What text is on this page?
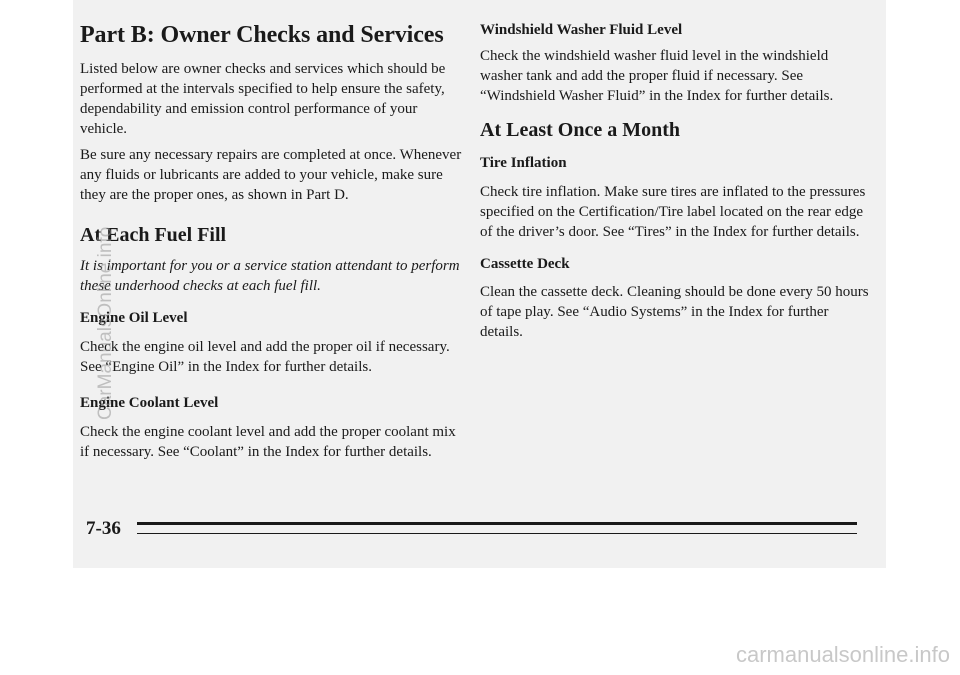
Part B: Owner Checks and Services

Listed below are owner checks and services which should be performed at the intervals specified to help ensure the safety, dependability and emission control performance of your vehicle.

Be sure any necessary repairs are completed at once. Whenever any fluids or lubricants are added to your vehicle, make sure they are the proper ones, as shown in Part D.

At Each Fuel Fill

It is important for you or a service station attendant to perform these underhood checks at each fuel fill.

Engine Oil Level

Check the engine oil level and add the proper oil if necessary. See “Engine Oil” in the Index for further details.

Engine Coolant Level

Check the engine coolant level and add the proper coolant mix if necessary. See “Coolant” in the Index for further details.

Windshield Washer Fluid Level

Check the windshield washer fluid level in the windshield washer tank and add the proper fluid if necessary. See “Windshield Washer Fluid” in the Index for further details.

At Least Once a Month
Tire Inflation

Check tire inflation. Make sure tires are inflated to the pressures specified on the Certification/Tire label located on the rear edge of the driver’s door. See “Tires” in the Index for further details.

Cassette Deck

Clean the cassette deck. Cleaning should be done every 50 hours of tape play. See “Audio Systems” in the Index for further details.

7-36
CarManualsOnline.info
carmanualsonline.info
